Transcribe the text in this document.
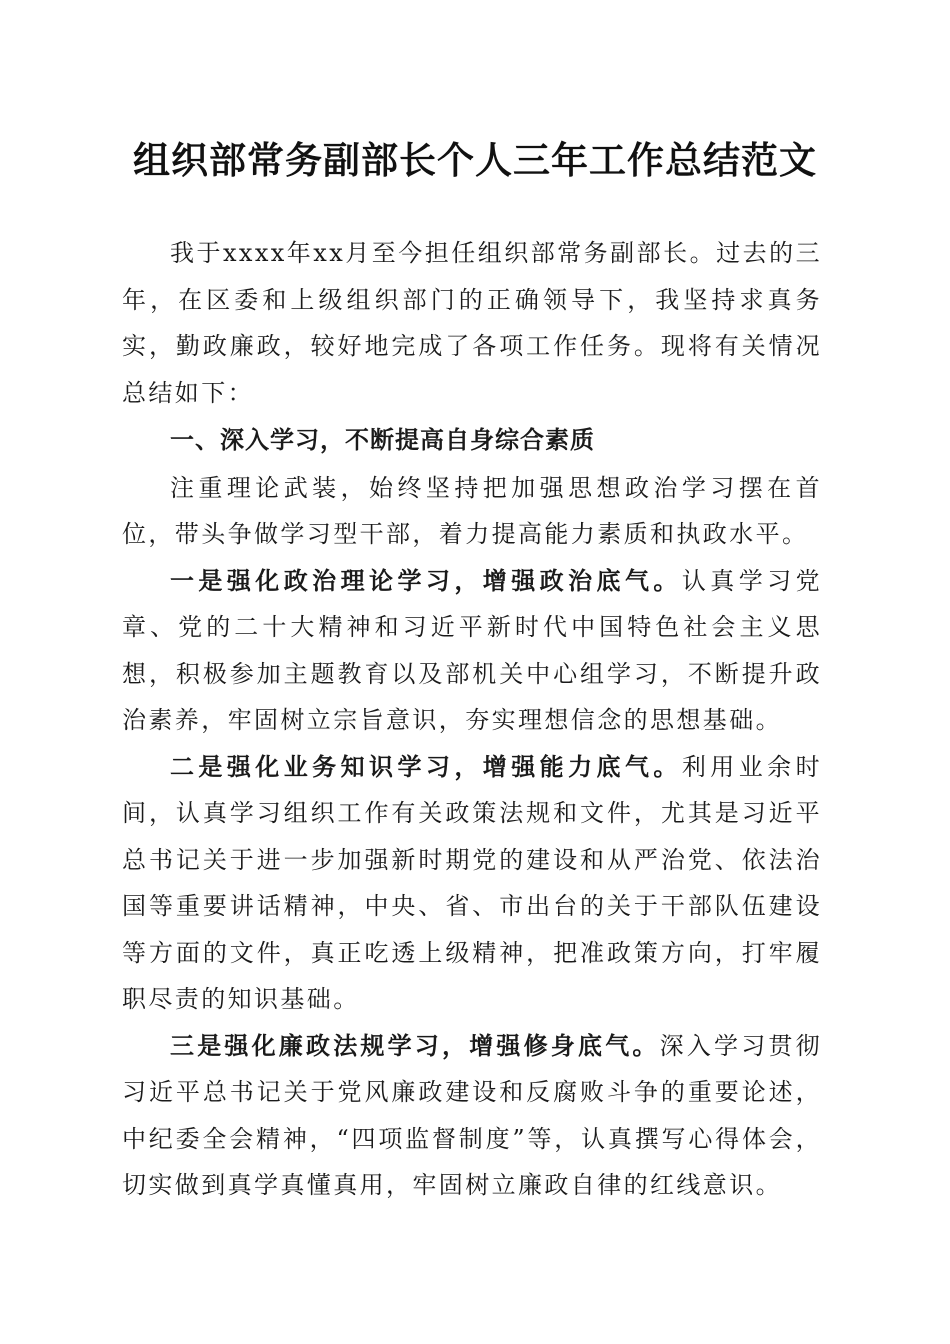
组织部常务副部长个人三年工作总结范文

我于xxxx年xx月至今担任组织部常务副部长。过去的三年，在区委和上级组织部门的正确领导下，我坚持求真务实，勤政廉政，较好地完成了各项工作任务。现将有关情况总结如下：

一、深入学习，不断提高自身综合素质

注重理论武装，始终坚持把加强思想政治学习摆在首位，带头争做学习型干部，着力提高能力素质和执政水平。

一是强化政治理论学习，增强政治底气。认真学习党章、党的二十大精神和习近平新时代中国特色社会主义思想，积极参加主题教育以及部机关中心组学习，不断提升政治素养，牢固树立宗旨意识，夯实理想信念的思想基础。

二是强化业务知识学习，增强能力底气。利用业余时间，认真学习组织工作有关政策法规和文件，尤其是习近平总书记关于进一步加强新时期党的建设和从严治党、依法治国等重要讲话精神，中央、省、市出台的关于干部队伍建设等方面的文件，真正吃透上级精神，把准政策方向，打牢履职尽责的知识基础。

三是强化廉政法规学习，增强修身底气。深入学习贯彻习近平总书记关于党风廉政建设和反腐败斗争的重要论述，中纪委全会精神，“四项监督制度”等，认真撰写心得体会，切实做到真学真懂真用，牢固树立廉政自律的红线意识。
